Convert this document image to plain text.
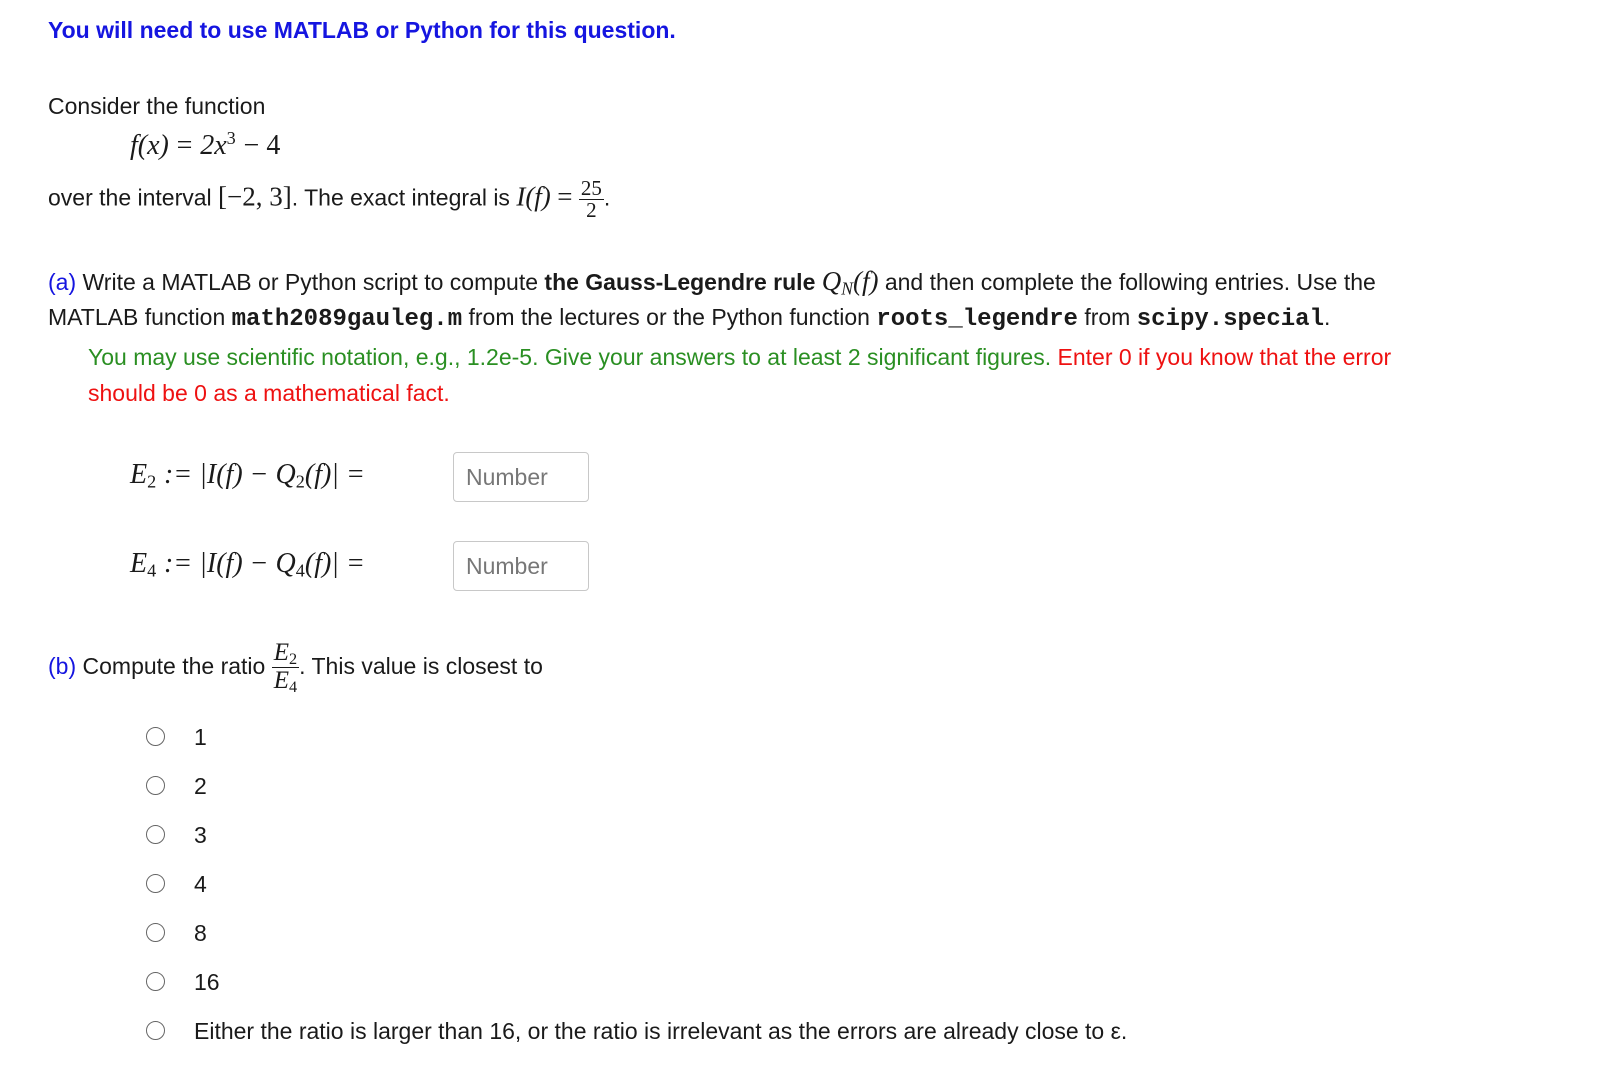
You will need to use MATLAB or Python for this question.
Consider the function
$f(x) = 2x^3 - 4$
over the interval [−2, 3]. The exact integral is $I(f) = \frac{25}{2}$ .
(a) Write a MATLAB or Python script to compute the Gauss-Legendre rule $Q_N(f)$ and then complete the following entries. Use the
MATLAB function math2089gauleg.m from the lectures or the Python function roots_legendre from scipy.special.
You may use scientific notation, e.g., 1.2e-5. Give your answers to at least 2 significant figures. Enter 0 if you know that the error
should be 0 as a mathematical fact.
$E_2$ := $|I(f) - Q_2(f)|$ =
Number
$E_4$ := $|I(f) - Q_4(f)|$ =
Number
(b) Compute the ratio $\frac{E_2}{E_4}$ . This value is closest to
1
2
3
4
8
16
Either the ratio is larger than 16, or the ratio is irrelevant as the errors are already close to ε.
